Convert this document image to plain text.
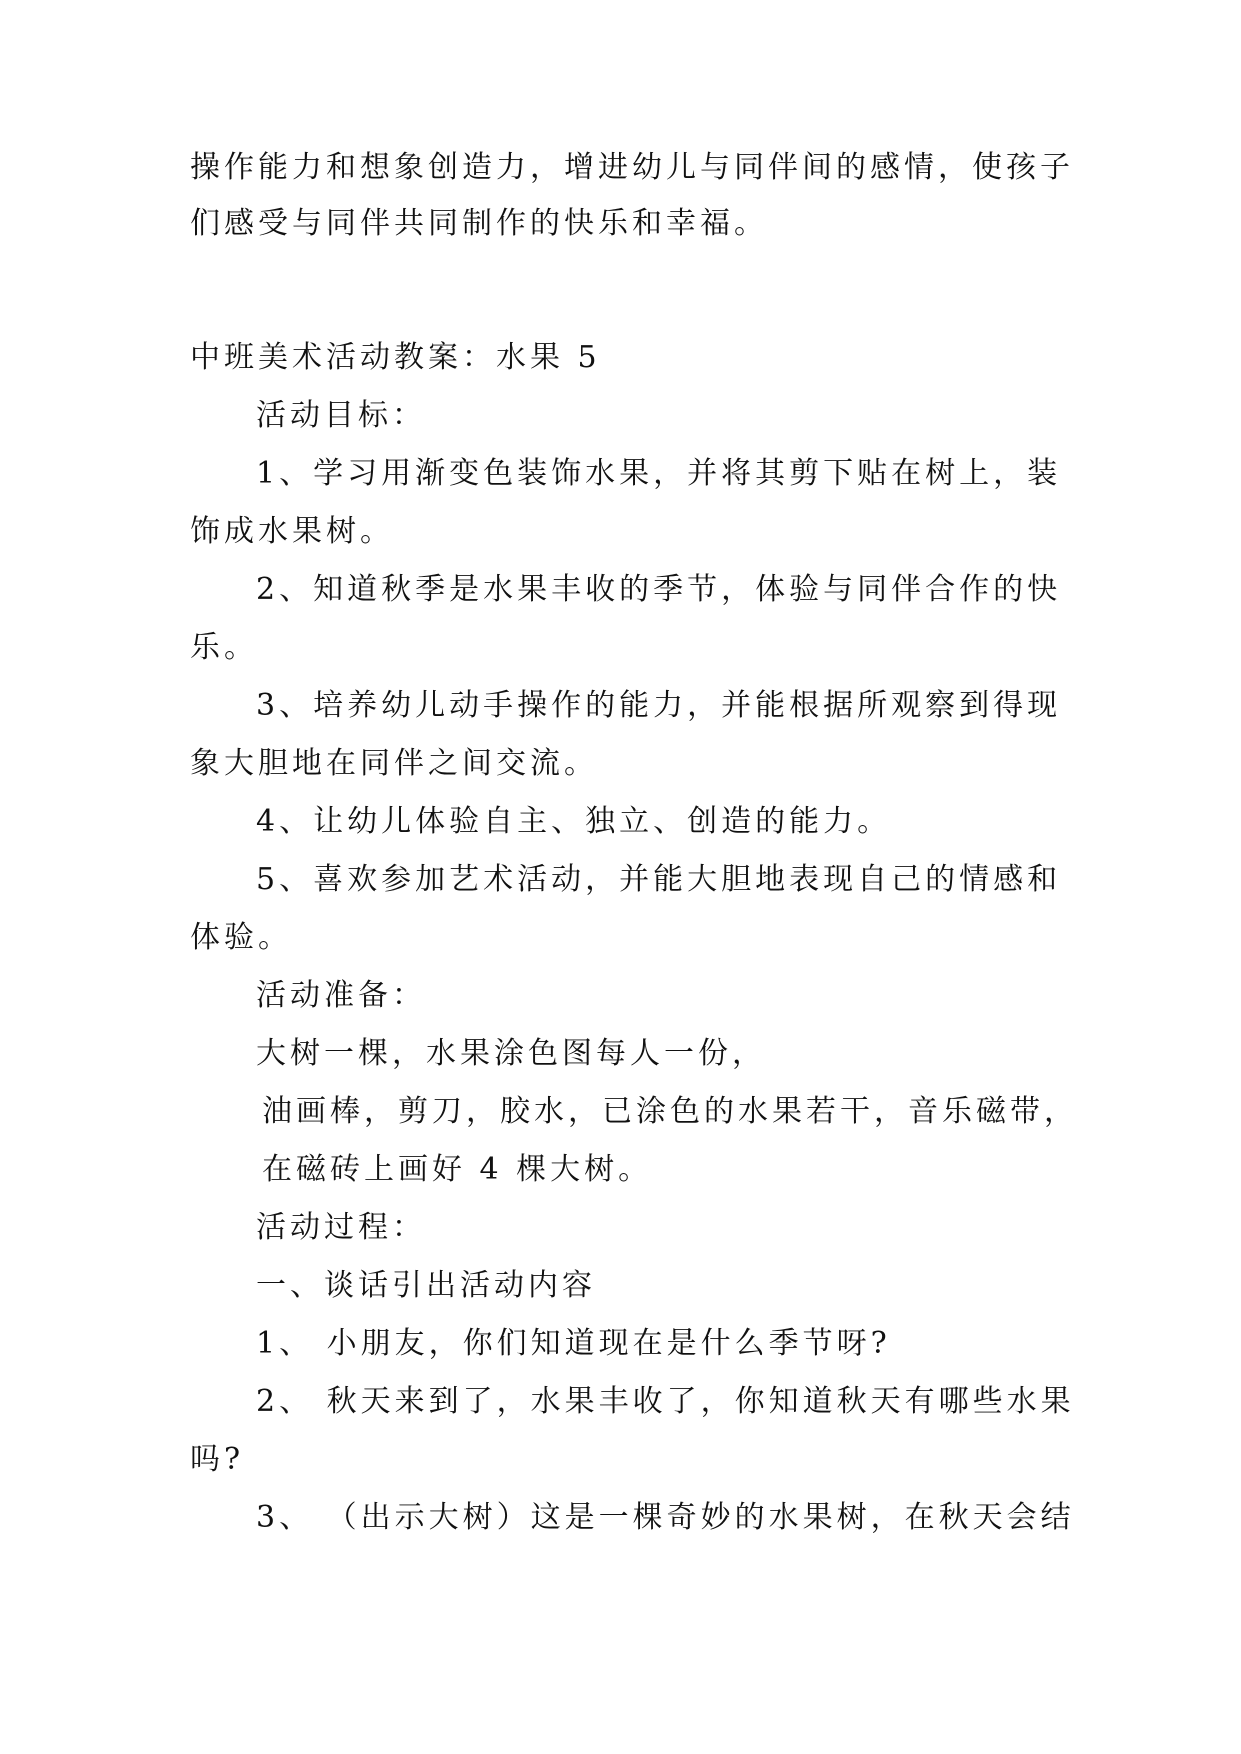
操作能力和想象创造力，增进幼儿与同伴间的感情，使孩子
们感受与同伴共同制作的快乐和幸福。
中班美术活动教案：水果 5
活动目标：
1、学习用渐变色装饰水果，并将其剪下贴在树上，装
饰成水果树。
2、知道秋季是水果丰收的季节，体验与同伴合作的快
乐。
3、培养幼儿动手操作的能力，并能根据所观察到得现
象大胆地在同伴之间交流。
4、让幼儿体验自主、独立、创造的能力。
5、喜欢参加艺术活动，并能大胆地表现自己的情感和
体验。
活动准备：
大树一棵，水果涂色图每人一份，
油画棒，剪刀，胶水，已涂色的水果若干，音乐磁带，
在磁砖上画好 4 棵大树。
活动过程：
一、谈话引出活动内容
1、 小朋友，你们知道现在是什么季节呀?
2、 秋天来到了，水果丰收了，你知道秋天有哪些水果
吗?
3、 （出示大树）这是一棵奇妙的水果树，在秋天会结
